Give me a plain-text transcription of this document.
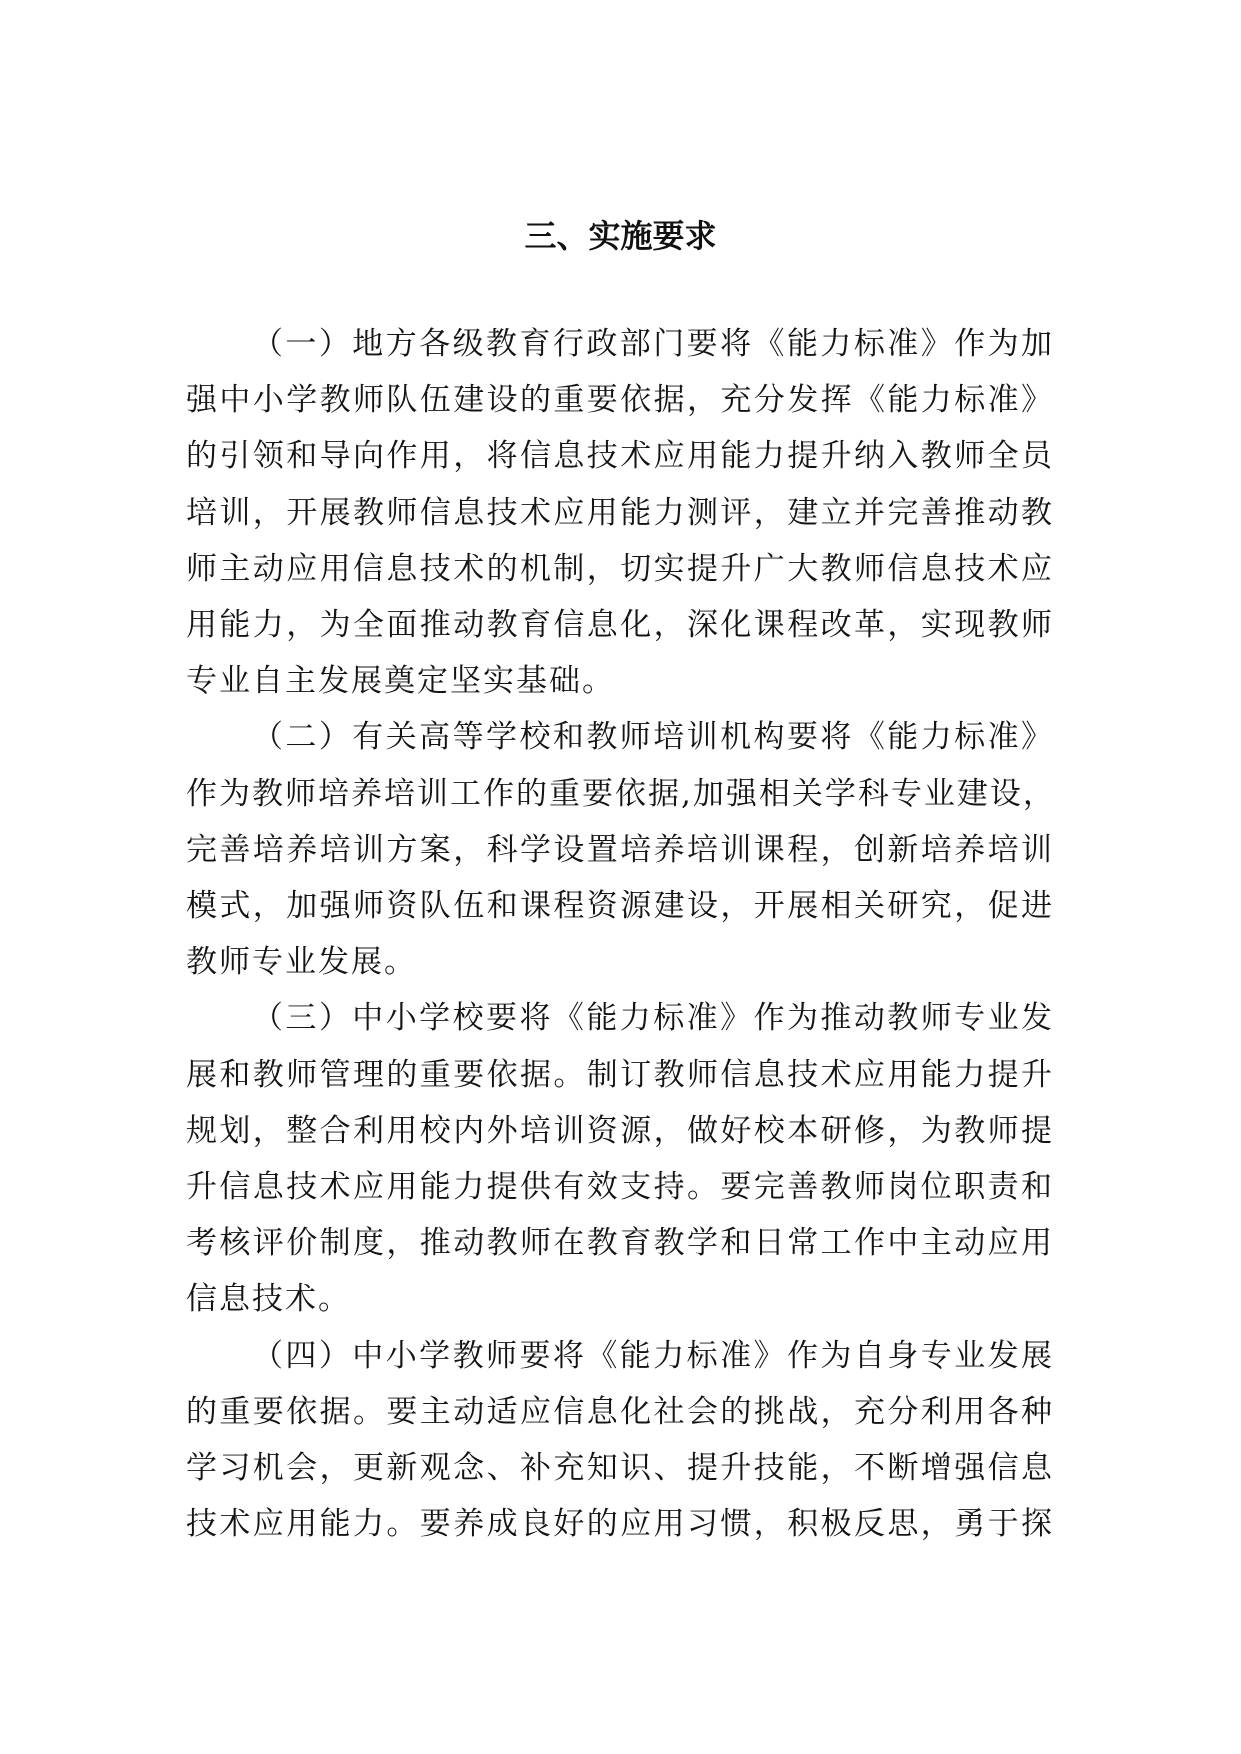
三、实施要求

（一）地方各级教育行政部门要将《能力标准》作为加
强中小学教师队伍建设的重要依据，充分发挥《能力标准》
的引领和导向作用，将信息技术应用能力提升纳入教师全员
培训，开展教师信息技术应用能力测评，建立并完善推动教
师主动应用信息技术的机制，切实提升广大教师信息技术应
用能力，为全面推动教育信息化，深化课程改革，实现教师
专业自主发展奠定坚实基础。

（二）有关高等学校和教师培训机构要将《能力标准》
作为教师培养培训工作的重要依据,加强相关学科专业建设，
完善培养培训方案，科学设置培养培训课程，创新培养培训
模式，加强师资队伍和课程资源建设，开展相关研究，促进
教师专业发展。

（三）中小学校要将《能力标准》作为推动教师专业发
展和教师管理的重要依据。制订教师信息技术应用能力提升
规划，整合利用校内外培训资源，做好校本研修，为教师提
升信息技术应用能力提供有效支持。要完善教师岗位职责和
考核评价制度，推动教师在教育教学和日常工作中主动应用
信息技术。

（四）中小学教师要将《能力标准》作为自身专业发展
的重要依据。要主动适应信息化社会的挑战，充分利用各种
学习机会，更新观念、补充知识、提升技能，不断增强信息
技术应用能力。要养成良好的应用习惯，积极反思，勇于探
